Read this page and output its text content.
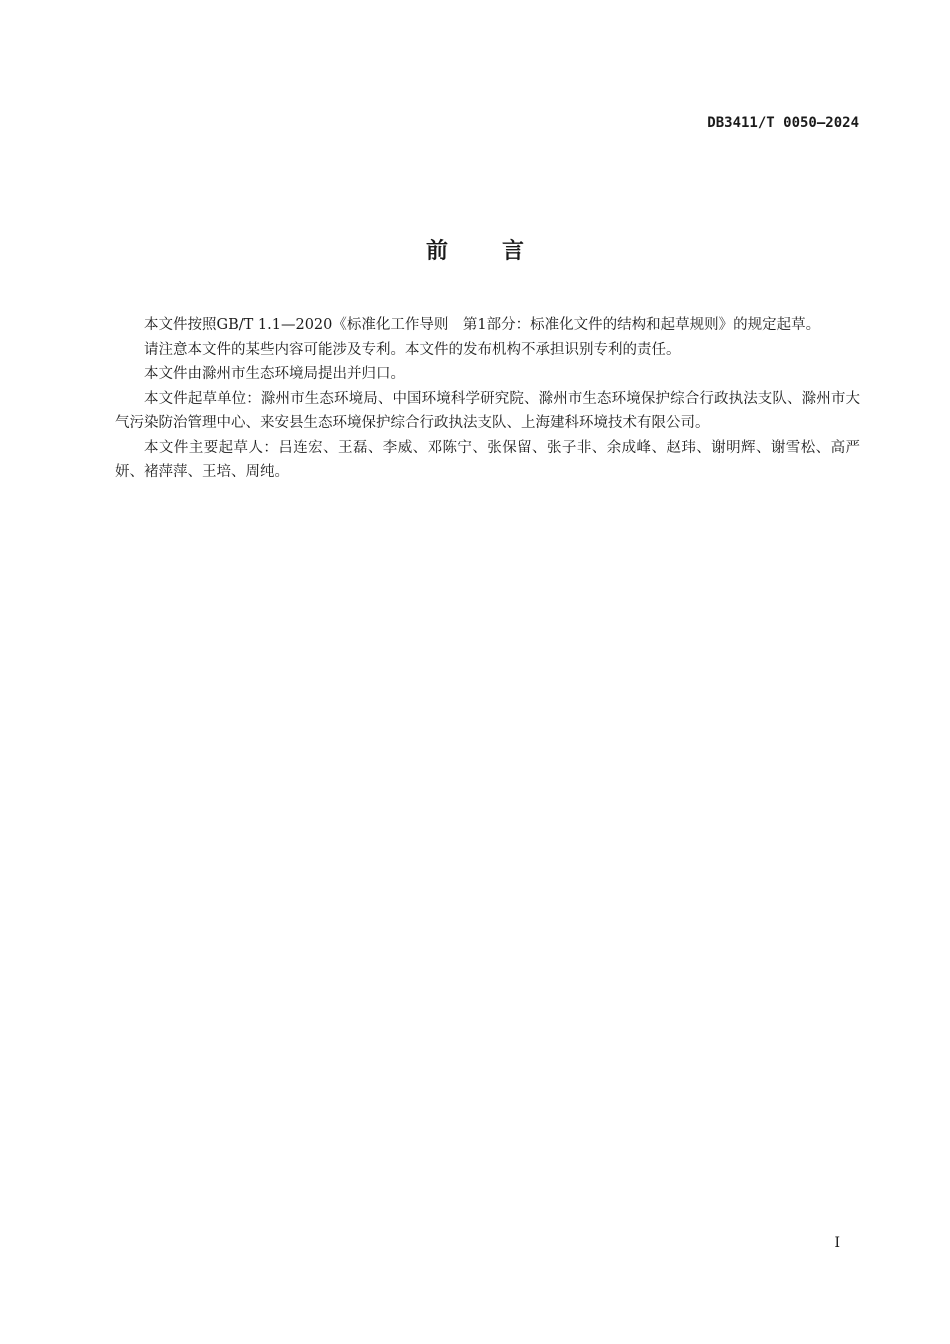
DB3411/T 0050—2024
前言

本文件按照GB/T 1.1—2020《标准化工作导则　第1部分：标准化文件的结构和起草规则》的规定起草。

请注意本文件的某些内容可能涉及专利。本文件的发布机构不承担识别专利的责任。

本文件由滁州市生态环境局提出并归口。

本文件起草单位：滁州市生态环境局、中国环境科学研究院、滁州市生态环境保护综合行政执法支队、滁州市大气污染防治管理中心、来安县生态环境保护综合行政执法支队、上海建科环境技术有限公司。

本文件主要起草人：吕连宏、王磊、李威、邓陈宁、张保留、张子非、余成峰、赵玮、谢明辉、谢雪松、高严妍、褚萍萍、王培、周纯。

I
